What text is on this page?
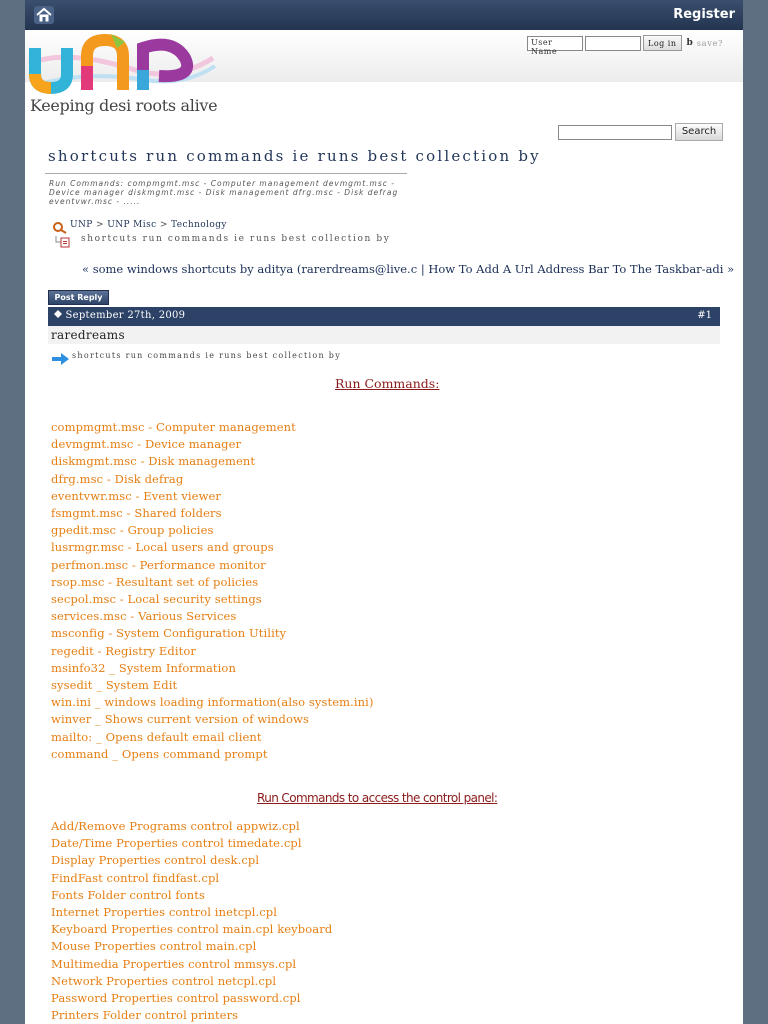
Register
Keeping desi roots alive
User Name
Log in	b save?
Search
shortcuts run commands ie runs best collection by
Run Commands: compmgmt.msc - Computer management devmgmt.msc - Device manager diskmgmt.msc - Disk management dfrg.msc - Disk defrag eventvwr.msc - .....
UNP > UNP Misc > Technology
shortcuts run commands ie runs best collection by
« some windows shortcuts by aditya (rarerdreams@live.c | How To Add A Url Address Bar To The Taskbar-adi »
Post Reply
September 27th, 2009	#1
raredreams
shortcuts run commands ie runs best collection by
Run Commands:
compmgmt.msc - Computer management
devmgmt.msc - Device manager
diskmgmt.msc - Disk management
dfrg.msc - Disk defrag
eventvwr.msc - Event viewer
fsmgmt.msc - Shared folders
gpedit.msc - Group policies
lusrmgr.msc - Local users and groups
perfmon.msc - Performance monitor
rsop.msc - Resultant set of policies
secpol.msc - Local security settings
services.msc - Various Services
msconfig - System Configuration Utility
regedit - Registry Editor
msinfo32 _ System Information
sysedit _ System Edit
win.ini _ windows loading information(also system.ini)
winver _ Shows current version of windows
mailto: _ Opens default email client
command _ Opens command prompt
Run Commands to access the control panel:
Add/Remove Programs control appwiz.cpl
Date/Time Properties control timedate.cpl
Display Properties control desk.cpl
FindFast control findfast.cpl
Fonts Folder control fonts
Internet Properties control inetcpl.cpl
Keyboard Properties control main.cpl keyboard
Mouse Properties control main.cpl
Multimedia Properties control mmsys.cpl
Network Properties control netcpl.cpl
Password Properties control password.cpl
Printers Folder control printers
